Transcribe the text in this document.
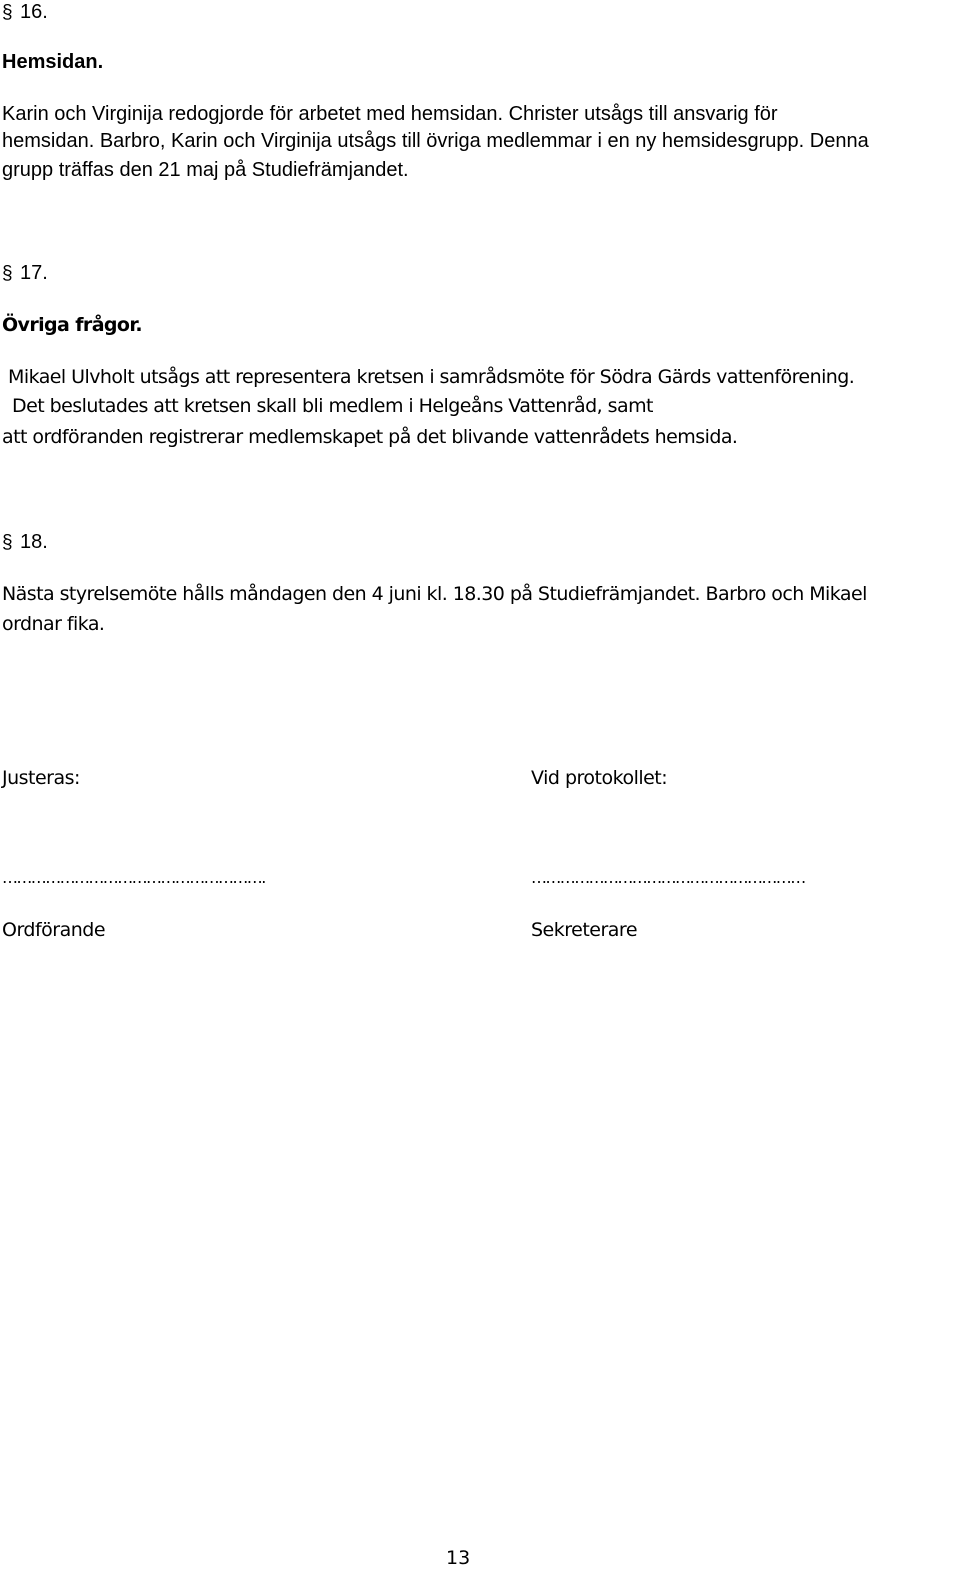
§ 16.
Hemsidan.
Karin och Virginija redogjorde för arbetet med hemsidan. Christer utsågs till ansvarig för
hemsidan. Barbro, Karin och Virginija utsågs till övriga medlemmar i en ny hemsidesgrupp. Denna
grupp träffas den 21 maj på Studiefrämjandet.
§ 17.
Övriga frågor.
Mikael Ulvholt utsågs att representera kretsen i samrådsmöte för Södra Gärds vattenförening.
Det beslutades att kretsen skall bli medlem i Helgeåns Vattenråd, samt
att ordföranden registrerar medlemskapet på det blivande vattenrådets hemsida.
§ 18.
Nästa styrelsemöte hålls måndagen den 4 juni kl. 18.30 på Studiefrämjandet. Barbro och Mikael
ordnar fika.
Justeras:	Vid protokollet:
……………………………………………….	…………………………………………………
Ordförande	Sekreterare
13
